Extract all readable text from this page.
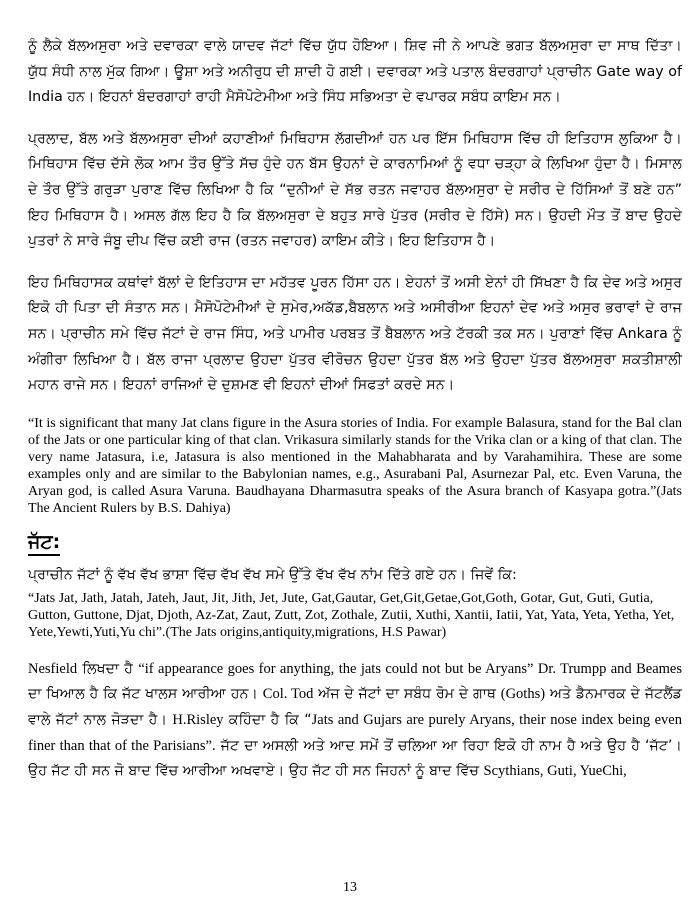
ਨੂੰ ਲੈਕੇ ਬੱਲਅਸੁਰਾ ਅਤੇ ਦਵਾਰਕਾ ਵਾਲੇ ਯਾਦਵ ਜੱਟਾਂ ਵਿੱਚ ਯੁੱਧ ਹੋਇਆ। ਸ਼ਿਵ ਜੀ ਨੇ ਆਪਣੇ ਭਗਤ ਬੱਲਅਸੁਰਾ ਦਾ ਸਾਥ ਦਿੱਤਾ। ਯੁੱਧ ਸੰਧੀ ਨਾਲ ਮੁੱਕ ਗਿਆ। ਊਸ਼ਾ ਅਤੇ ਅਨੀਰੁਧ ਦੀ ਸ਼ਾਦੀ ਹੋ ਗਈ। ਦਵਾਰਕਾ ਅਤੇ ਪਤਾਲ ਬੰਦਰਗਾਹਾਂ ਪ੍ਰਾਚੀਨ Gate way of India ਹਨ। ਇਹਨਾਂ ਬੰਦਰਗਾਹਾਂ ਰਾਹੀ ਮੈਸੋਪੋਟੇਮੀਆ ਅਤੇ ਸਿੰਧ ਸਭਿਅਤਾ ਦੇ ਵਪਾਰਕ ਸਬੰਧ ਕਾਇਮ ਸਨ।

ਪ੍ਰਲਾਦ, ਬੱਲ ਅਤੇ ਬੱਲਅਸੁਰਾ ਦੀਆਂ ਕਹਾਣੀਆਂ ਮਿਥਿਹਾਸ ਲੱਗਦੀਆਂ ਹਨ ਪਰ ਇੱਸ ਮਿਥਿਹਾਸ ਵਿੱਚ ਹੀ ਇਤਿਹਾਸ ਲੁਕਿਆ ਹੈ। ਮਿਥਿਹਾਸ ਵਿੱਚ ਦੱਸੇ ਲੋਕ ਆਮ ਤੌਰ ਉੱਤੇ ਸੱਚ ਹੁੰਦੇ ਹਨ ਬੱਸ ਉਹਨਾਂ ਦੇ ਕਾਰਨਾਮਿਆਂ ਨੂੰ ਵਧਾ ਚੜ੍ਹਾ ਕੇ ਲਿਖਿਆ ਹੁੰਦਾ ਹੈ। ਮਿਸਾਲ ਦੇ ਤੌਰ ਉੱਤੇ ਗਰੁੜਾ ਪੁਰਾਣ ਵਿੱਚ ਲਿਖਿਆ ਹੈ ਕਿ “ਦੁਨੀਆਂ ਦੇ ਸੱਭ ਰਤਨ ਜਵਾਹਰ ਬੱਲਅਸੁਰਾ ਦੇ ਸਰੀਰ ਦੇ ਹਿੱਸਿਆਂ ਤੋਂ ਬਣੇ ਹਨ” ਇਹ ਮਿਥਿਹਾਸ ਹੈ। ਅਸਲ ਗੱਲ ਇਹ ਹੈ ਕਿ ਬੱਲਅਸੁਰਾ ਦੇ ਬਹੁਤ ਸਾਰੇ ਪੁੱਤਰ (ਸਰੀਰ ਦੇ ਹਿੱਸੇ) ਸਨ। ਉਹਦੀ ਮੌਤ ਤੋਂ ਬਾਦ ਉਹਦੇ ਪੁਤਰਾਂ ਨੇ ਸਾਰੇ ਜੰਬੂ ਦੀਪ ਵਿੱਚ ਕਈ ਰਾਜ (ਰਤਨ ਜਵਾਹਰ) ਕਾਇਮ ਕੀਤੇ। ਇਹ ਇਤਿਹਾਸ ਹੈ।

ਇਹ ਮਿਥਿਹਾਸਕ ਕਥਾਂਵਾਂ ਬੱਲਾਂ ਦੇ ਇਤਿਹਾਸ ਦਾ ਮਹੱਤਵ ਪੂਰਨ ਹਿੱਸਾ ਹਨ। ਏਹਨਾਂ ਤੋਂ ਅਸੀ ਏਨਾਂ ਹੀ ਸਿੱਖਣਾ ਹੈ ਕਿ ਦੇਵ ਅਤੇ ਅਸੁਰ ਇਕੋ ਹੀ ਪਿਤਾ ਦੀ ਸੰਤਾਨ ਸਨ। ਮੈਸੋਪੋਟੇਮੀਆਂ ਦੇ ਸੁਮੇਰ,ਅਕੱਡ,ਬੈਬਲਾਨ ਅਤੇ ਅਸੀਰੀਆ ਇਹਨਾਂ ਦੇਵ ਅਤੇ ਅਸੁਰ ਭਰਾਵਾਂ ਦੇ ਰਾਜ ਸਨ। ਪ੍ਰਾਚੀਨ ਸਮੇ ਵਿੱਚ ਜੱਟਾਂ ਦੇ ਰਾਜ ਸਿੰਧ, ਅਤੇ ਪਾਮੀਰ ਪਰਬਤ ਤੋਂ ਬੈਬਲਾਨ ਅਤੇ ਟੱਰਕੀ ਤਕ ਸਨ। ਪੁਰਾਣਾਂ ਵਿੱਚ Ankara ਨੂੰ ਅੰਗੀਰਾ ਲਿਖਿਆ ਹੈ। ਬੱਲ ਰਾਜਾ ਪ੍ਰਲਾਦ ਉਹਦਾ ਪੁੱਤਰ ਵੀਰੋਚਨ ਉਹਦਾ ਪੁੱਤਰ ਬੱਲ ਅਤੇ ਉਹਦਾ ਪੁੱਤਰ ਬੱਲਅਸੁਰਾ ਸ਼ਕਤੀਸ਼ਾਲੀ ਮਹਾਨ ਰਾਜੇ ਸਨ। ਇਹਨਾਂ ਰਾਜਿਆਂ ਦੇ ਦੁਸ਼ਮਣ ਵੀ ਇਹਨਾਂ ਦੀਆਂ ਸਿਫਤਾਂ ਕਰਦੇ ਸਨ।

“It is significant that many Jat clans figure in the Asura stories of India. For example Balasura, stand for the Bal clan of the Jats or one particular king of that clan. Vrikasura similarly stands for the Vrika clan or a king of that clan. The very name Jatasura, i.e, Jatasura is also mentioned in the Mahabharata and by Varahamihira. These are some examples only and are similar to the Babylonian names, e.g., Asurabani Pal, Asurnezar Pal, etc. Even Varuna, the Aryan god, is called Asura Varuna. Baudhayana Dharmasutra speaks of the Asura branch of Kasyapa gotra.”(Jats The Ancient Rulers by B.S. Dahiya)

ਜੱਟ:

ਪ੍ਰਾਚੀਨ ਜੱਟਾਂ ਨੂੰ ਵੱਖ ਵੱਖ ਭਾਸ਼ਾ ਵਿੱਚ ਵੱਖ ਵੱਖ ਸਮੇ ਉੱਤੇ ਵੱਖ ਵੱਖ ਨਾਂਮ ਦਿੱਤੇ ਗਏ ਹਨ। ਜਿਵੇਂ ਕਿ:

“Jats Jat, Jath, Jatah, Jateh, Jaut, Jit, Jith, Jet, Jute, Gat,Gautar, Get,Git,Getae,Got,Goth, Gotar, Gut, Guti, Gutia, Gutton, Guttone, Djat, Djoth, Az-Zat, Zaut, Zutt, Zot, Zothale, Zutii, Xuthi, Xantii, Iatii, Yat, Yata, Yeta, Yetha, Yet, Yete,Yewti,Yuti,Yu chi”.(The Jats origins,antiquity,migrations, H.S Pawar)

Nesfield ਲਿਖਦਾ ਹੈ “if appearance goes for anything, the jats could not but be Aryans” Dr. Trumpp and Beames ਦਾ ਖਿਆਲ ਹੈ ਕਿ ਜੱਟ ਖਾਲਸ ਆਰੀਆ ਹਨ। Col. Tod ਅੱਜ ਦੇ ਜੱਟਾਂ ਦਾ ਸਬੰਧ ਰੋਮ ਦੇ ਗਾਥ (Goths) ਅਤੇ ਡੈਨਮਾਰਕ ਦੇ ਜੱਟਲੈਂਡ ਵਾਲੇ ਜੱਟਾਂ ਨਾਲ ਜੋੜਦਾ ਹੈ। H.Risley ਕਹਿੰਦਾ ਹੈ ਕਿ “Jats and Gujars are purely Aryans, their nose index being even finer than that of the Parisians”. ਜੱਟ ਦਾ ਅਸਲੀ ਅਤੇ ਆਦ ਸਮੇਂ ਤੋਂ ਚਲਿਆ ਆ ਰਿਹਾ ਇਕੋ ਹੀ ਨਾਮ ਹੈ ਅਤੇ ਉਹ ਹੈ ‘ਜੱਟ’। ਉਹ ਜੱਟ ਹੀ ਸਨ ਜੋ ਬਾਦ ਵਿੱਚ ਆਰੀਆ ਅਖਵਾਏ। ਉਹ ਜੱਟ ਹੀ ਸਨ ਜਿਹਨਾਂ ਨੂੰ ਬਾਦ ਵਿੱਚ Scythians, Guti, YueChi,

13
